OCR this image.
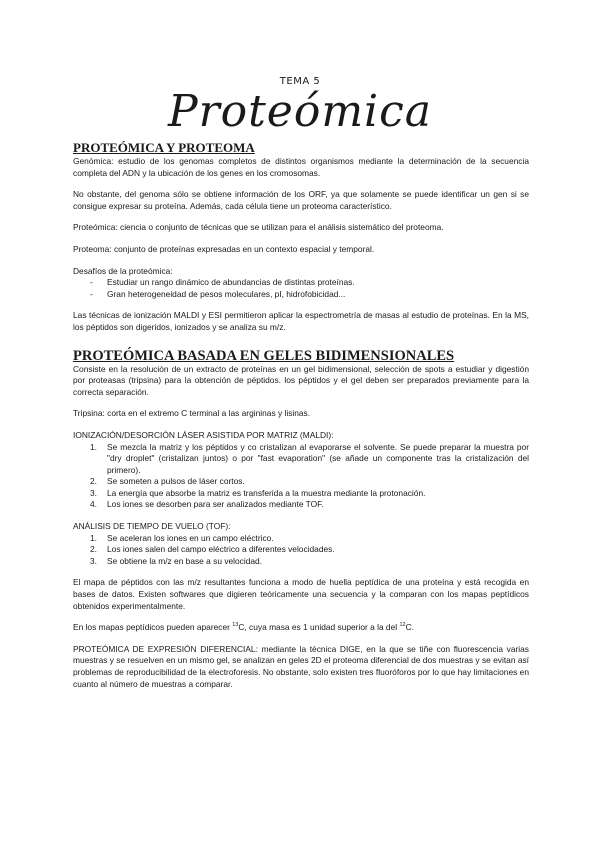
TEMA 5
Proteómica
PROTEÓMICA Y PROTEOMA

Genómica: estudio de los genomas completos de distintos organismos mediante la determinación de la secuencia completa del ADN y la ubicación de los genes en los cromosomas.

No obstante, del genoma sólo se obtiene información de los ORF, ya que solamente se puede identificar un gen si se consigue expresar su proteína. Además, cada célula tiene un proteoma característico.

Proteómica: ciencia o conjunto de técnicas que se utilizan para el análisis sistemático del proteoma.

Proteoma: conjunto de proteínas expresadas en un contexto espacial y temporal.

Desafíos de la proteómica:

- Estudiar un rango dinámico de abundancias de distintas proteínas.
- Gran heterogeneidad de pesos moleculares, pI, hidrofobicidad...

Las técnicas de ionización MALDI y ESI permitieron aplicar la espectrometría de masas al estudio de proteínas. En la MS, los péptidos son digeridos, ionizados y se analiza su m/z.

PROTEÓMICA BASADA EN GELES BIDIMENSIONALES

Consiste en la resolución de un extracto de proteínas en un gel bidimensional, selección de spots a estudiar y digestión por proteasas (tripsina) para la obtención de péptidos. los péptidos y el gel deben ser preparados previamente para la correcta separación.

Tripsina: corta en el extremo C terminal a las argininas y lisinas.

IONIZACIÓN/DESORCIÓN LÁSER ASISTIDA POR MATRIZ (MALDI):

1. Se mezcla la matriz y los péptidos y co cristalizan al evaporarse el solvente. Se puede preparar la muestra por "dry droplet" (cristalizan juntos) o por "fast evaporation" (se añade un componente tras la cristalización del primero).
2. Se someten a pulsos de láser cortos.
3. La energía que absorbe la matriz es transferida a la muestra mediante la protonación.
4. Los iones se desorben para ser analizados mediante TOF.

ANÁLISIS DE TIEMPO DE VUELO (TOF):

1. Se aceleran los iones en un campo eléctrico.
2. Los iones salen del campo eléctrico a diferentes velocidades.
3. Se obtiene la m/z en base a su velocidad.

El mapa de péptidos con las m/z resultantes funciona a modo de huella peptídica de una proteína y está recogida en bases de datos. Existen softwares que digieren teóricamente una secuencia y la comparan con los mapas peptídicos obtenidos experimentalmente.

En los mapas peptídicos pueden aparecer $^{13}$C, cuya masa es 1 unidad superior a la del $^{12}$C.

PROTEÓMICA DE EXPRESIÓN DIFERENCIAL: mediante la técnica DIGE, en la que se tiñe con fluorescencia varias muestras y se resuelven en un mismo gel, se analizan en geles 2D el proteoma diferencial de dos muestras y se evitan así problemas de reproducibilidad de la electroforesis. No obstante, solo existen tres fluoróforos por lo que hay limitaciones en cuanto al número de muestras a comparar.
